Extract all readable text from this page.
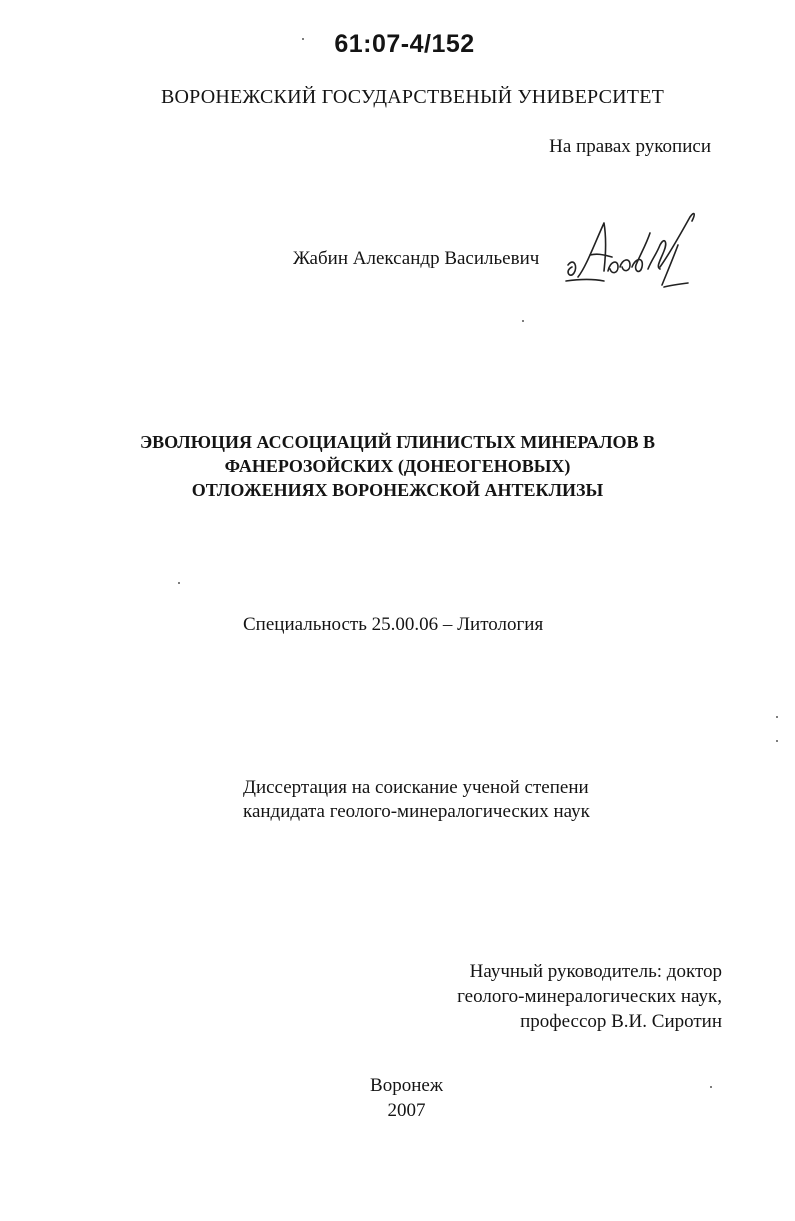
61:07-4/152
ВОРОНЕЖСКИЙ ГОСУДАРСТВЕНЫЙ УНИВЕРСИТЕТ
На правах рукописи
Жабин Александр Васильевич
ЭВОЛЮЦИЯ АССОЦИАЦИЙ ГЛИНИСТЫХ МИНЕРАЛОВ В
ФАНЕРОЗОЙСКИХ (ДОНЕОГЕНОВЫХ)
ОТЛОЖЕНИЯХ ВОРОНЕЖСКОЙ АНТЕКЛИЗЫ
Специальность 25.00.06 – Литология
Диссертация на соискание ученой степени
кандидата геолого-минералогических наук
Научный руководитель: доктор
геолого-минералогических наук,
профессор В.И. Сиротин
Воронеж
2007
